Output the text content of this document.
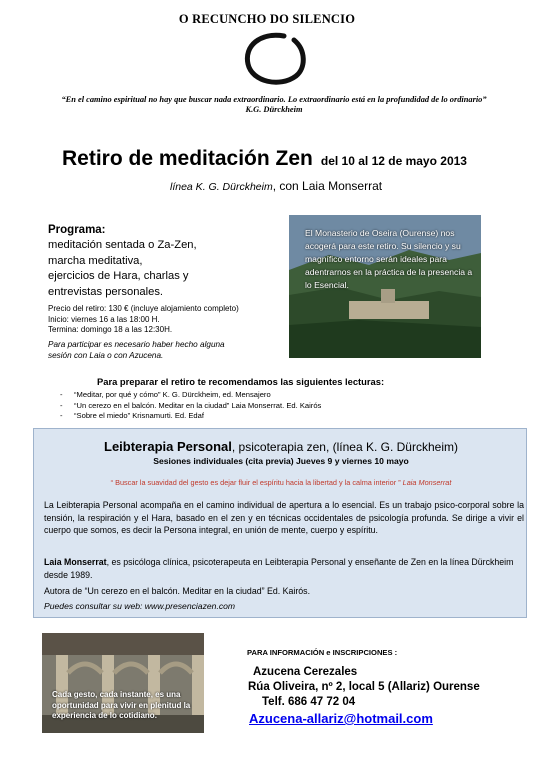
O RECUNCHO DO SILENCIO
“En el camino espiritual no hay que buscar nada extraordinario. Lo extraordinario está en la profundidad de lo ordinario”
K.G. Dürckheim
Retiro de meditación Zen del 10 al 12 de mayo 2013
línea K. G. Dürckheim, con Laia Monserrat
Programa:
meditación sentada o Za-Zen,
marcha meditativa,
ejercicios de Hara, charlas y
entrevistas personales.
Precio del retiro: 130 € (incluye alojamiento completo)
Inicio: viernes 16 a las 18:00 H.
Termina: domingo 18 a las 12:30H.
Para participar es necesario haber hecho alguna sesión con Laia o con Azucena.
El Monasterio de Oseira (Ourense) nos acogerá para este retiro. Su silencio y su magnífico entorno serán ideales para adentrarnos en la práctica de la presencia a lo Esencial.
Para preparar el retiro te recomendamos las siguientes lecturas:
- “Meditar, por qué y cómo” K. G. Dürckheim, ed. Mensajero
- “Un cerezo en el balcón. Meditar en la ciudad” Laia Monserrat. Ed. Kairós
- “Sobre el miedo” Krisnamurti. Ed. Edaf
Leibterapia Personal, psicoterapia zen, (línea K. G. Dürckheim)
Sesiones individuales (cita previa) Jueves 9 y viernes 10 mayo
“ Buscar la suavidad del gesto es dejar fluir el espíritu hacia la libertad y la calma interior ” Laia Monserrat
La Leibterapia Personal acompaña en el camino individual de apertura a lo esencial. Es un trabajo psico-corporal sobre la tensión, la respiración y el Hara, basado en el zen y en técnicas occidentales de psicología profunda. Se dirige a vivir el cuerpo que somos, es decir la Persona integral, en unión de mente, cuerpo y espíritu.
Laia Monserrat, es psicóloga clínica, psicoterapeuta en Leibterapia Personal y enseñante de Zen en la línea Dürckheim desde 1989.
Autora de “Un cerezo en el balcón. Meditar en la ciudad” Ed. Kairós.
Puedes consultar su web: www.presenciazen.com
Cada gesto, cada instante, es una oportunidad para vivir en plenitud la experiencia de lo cotidiano.
PARA INFORMACIÓN e INSCRIPCIONES :
Azucena Cerezales
Rúa Oliveira, nº 2, local 5 (Allariz) Ourense
Telf. 686 47 72 04
Azucena-allariz@hotmail.com
